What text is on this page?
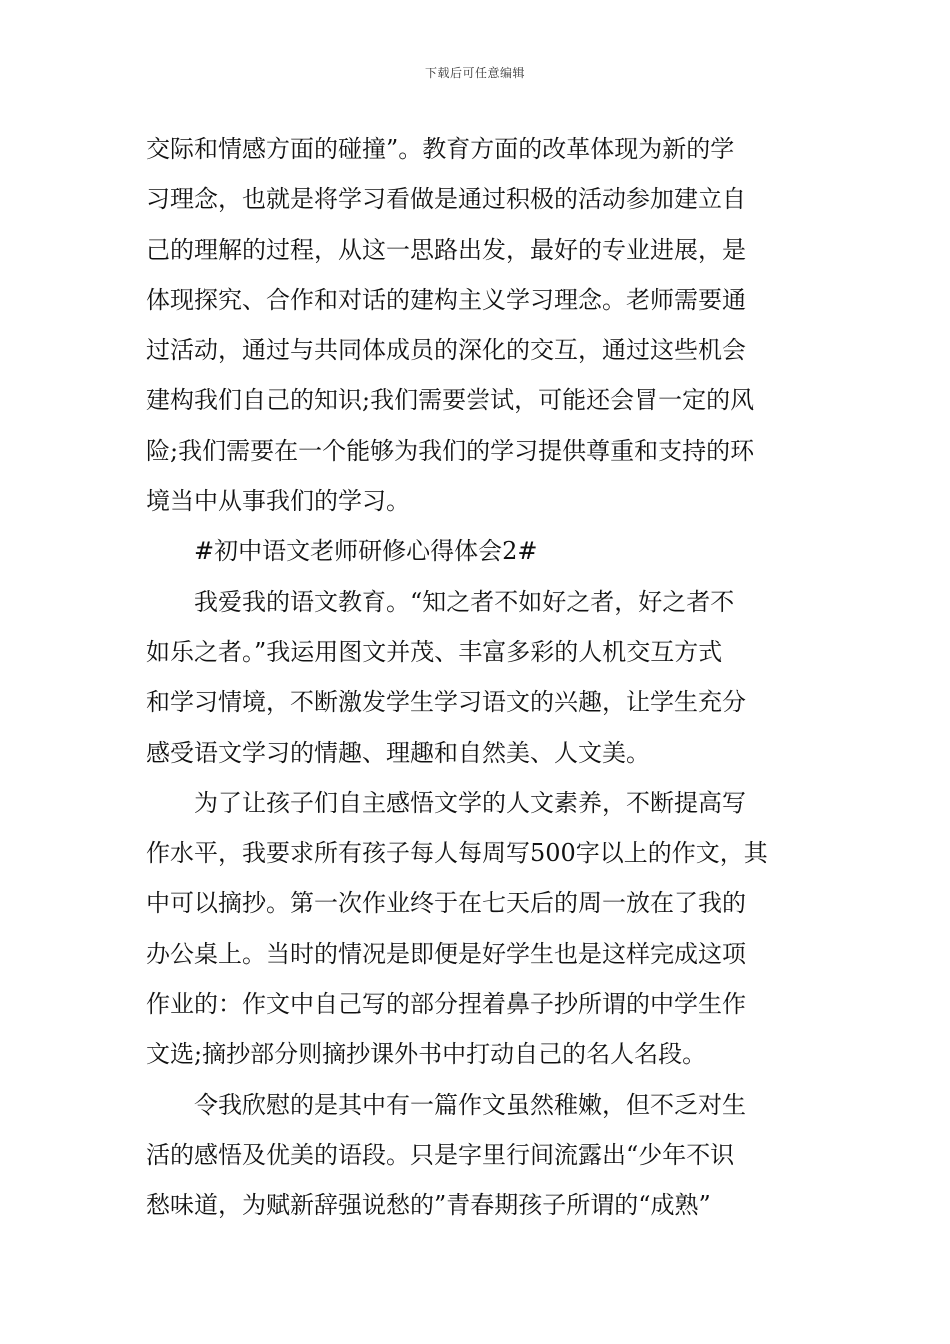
下载后可任意编辑
交际和情感方面的碰撞”。教育方面的改革体现为新的学
习理念，也就是将学习看做是通过积极的活动参加建立自
己的理解的过程，从这一思路出发，最好的专业进展，是
体现探究、合作和对话的建构主义学习理念。老师需要通
过活动，通过与共同体成员的深化的交互，通过这些机会
建构我们自己的知识;我们需要尝试，可能还会冒一定的风
险;我们需要在一个能够为我们的学习提供尊重和支持的环
境当中从事我们的学习。
#初中语文老师研修心得体会2#
我爱我的语文教育。“知之者不如好之者，好之者不
如乐之者。”我运用图文并茂、丰富多彩的人机交互方式
和学习情境，不断激发学生学习语文的兴趣，让学生充分
感受语文学习的情趣、理趣和自然美、人文美。
为了让孩子们自主感悟文学的人文素养，不断提高写
作水平，我要求所有孩子每人每周写500字以上的作文，其
中可以摘抄。第一次作业终于在七天后的周一放在了我的
办公桌上。当时的情况是即便是好学生也是这样完成这项
作业的：作文中自己写的部分捏着鼻子抄所谓的中学生作
文选;摘抄部分则摘抄课外书中打动自己的名人名段。
令我欣慰的是其中有一篇作文虽然稚嫩，但不乏对生
活的感悟及优美的语段。只是字里行间流露出“少年不识
愁味道，为赋新辞强说愁的”青春期孩子所谓的“成熟”
